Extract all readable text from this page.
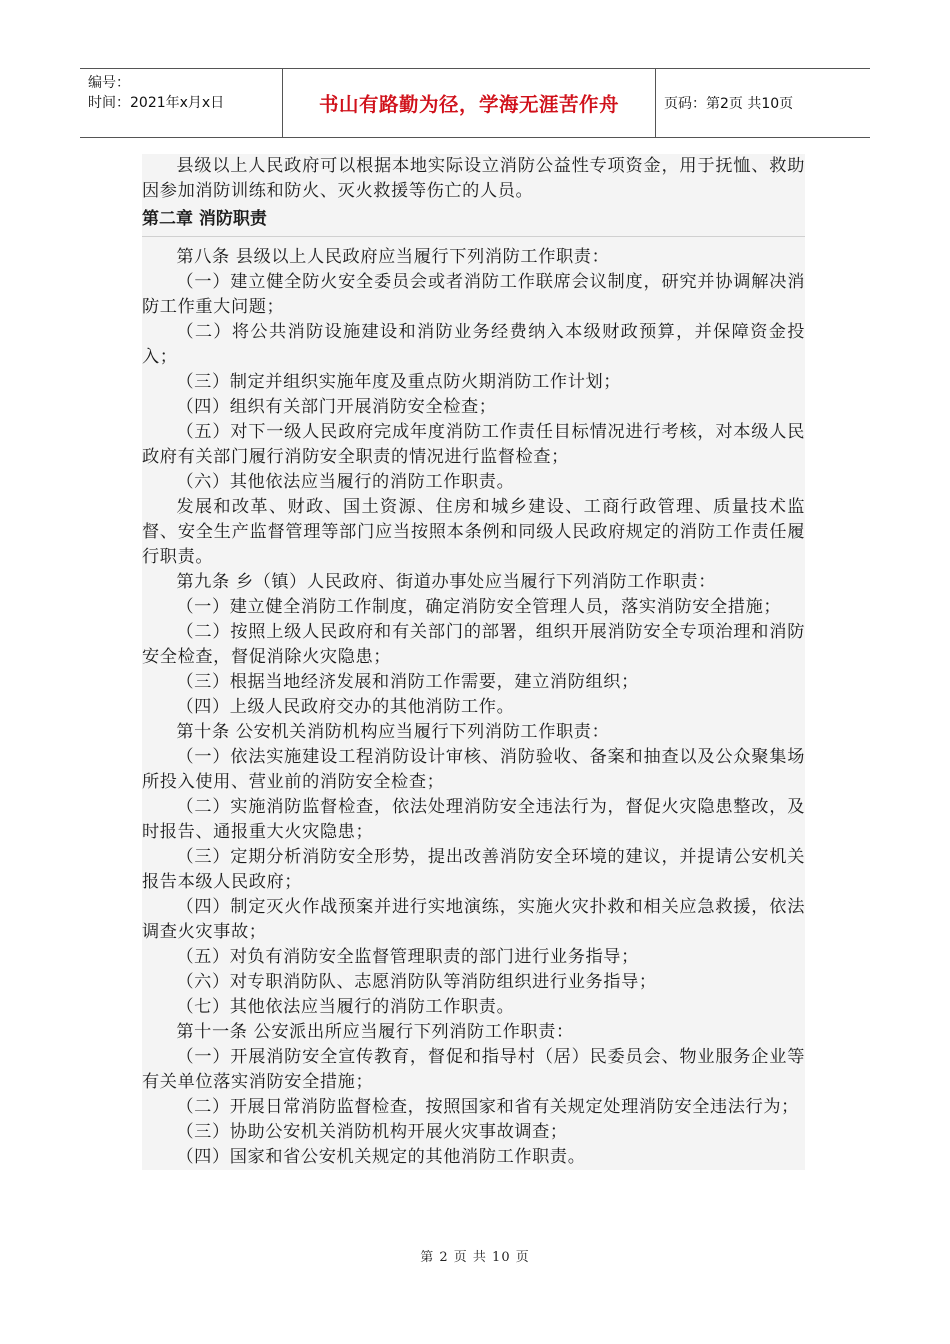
编号：
时间：2021年x月x日	书山有路勤为径，学海无涯苦作舟	页码：第2页 共10页

县级以上人民政府可以根据本地实际设立消防公益性专项资金，用于抚恤、救助因参加消防训练和防火、灭火救援等伤亡的人员。

第二章 消防职责

第八条 县级以上人民政府应当履行下列消防工作职责：

（一）建立健全防火安全委员会或者消防工作联席会议制度，研究并协调解决消防工作重大问题；

（二）将公共消防设施建设和消防业务经费纳入本级财政预算，并保障资金投入；

（三）制定并组织实施年度及重点防火期消防工作计划；

（四）组织有关部门开展消防安全检查；

（五）对下一级人民政府完成年度消防工作责任目标情况进行考核，对本级人民政府有关部门履行消防安全职责的情况进行监督检查；

（六）其他依法应当履行的消防工作职责。

发展和改革、财政、国土资源、住房和城乡建设、工商行政管理、质量技术监督、安全生产监督管理等部门应当按照本条例和同级人民政府规定的消防工作责任履行职责。

第九条 乡（镇）人民政府、街道办事处应当履行下列消防工作职责：

（一）建立健全消防工作制度，确定消防安全管理人员，落实消防安全措施；

（二）按照上级人民政府和有关部门的部署，组织开展消防安全专项治理和消防安全检查，督促消除火灾隐患；

（三）根据当地经济发展和消防工作需要，建立消防组织；

（四）上级人民政府交办的其他消防工作。

第十条 公安机关消防机构应当履行下列消防工作职责：

（一）依法实施建设工程消防设计审核、消防验收、备案和抽查以及公众聚集场所投入使用、营业前的消防安全检查；

（二）实施消防监督检查，依法处理消防安全违法行为，督促火灾隐患整改，及时报告、通报重大火灾隐患；

（三）定期分析消防安全形势，提出改善消防安全环境的建议，并提请公安机关报告本级人民政府；

（四）制定灭火作战预案并进行实地演练，实施火灾扑救和相关应急救援，依法调查火灾事故；

（五）对负有消防安全监督管理职责的部门进行业务指导；

（六）对专职消防队、志愿消防队等消防组织进行业务指导；

（七）其他依法应当履行的消防工作职责。

第十一条 公安派出所应当履行下列消防工作职责：

（一）开展消防安全宣传教育，督促和指导村（居）民委员会、物业服务企业等有关单位落实消防安全措施；

（二）开展日常消防监督检查，按照国家和省有关规定处理消防安全违法行为；

（三）协助公安机关消防机构开展火灾事故调查；

（四）国家和省公安机关规定的其他消防工作职责。

第 2 页 共 10 页
